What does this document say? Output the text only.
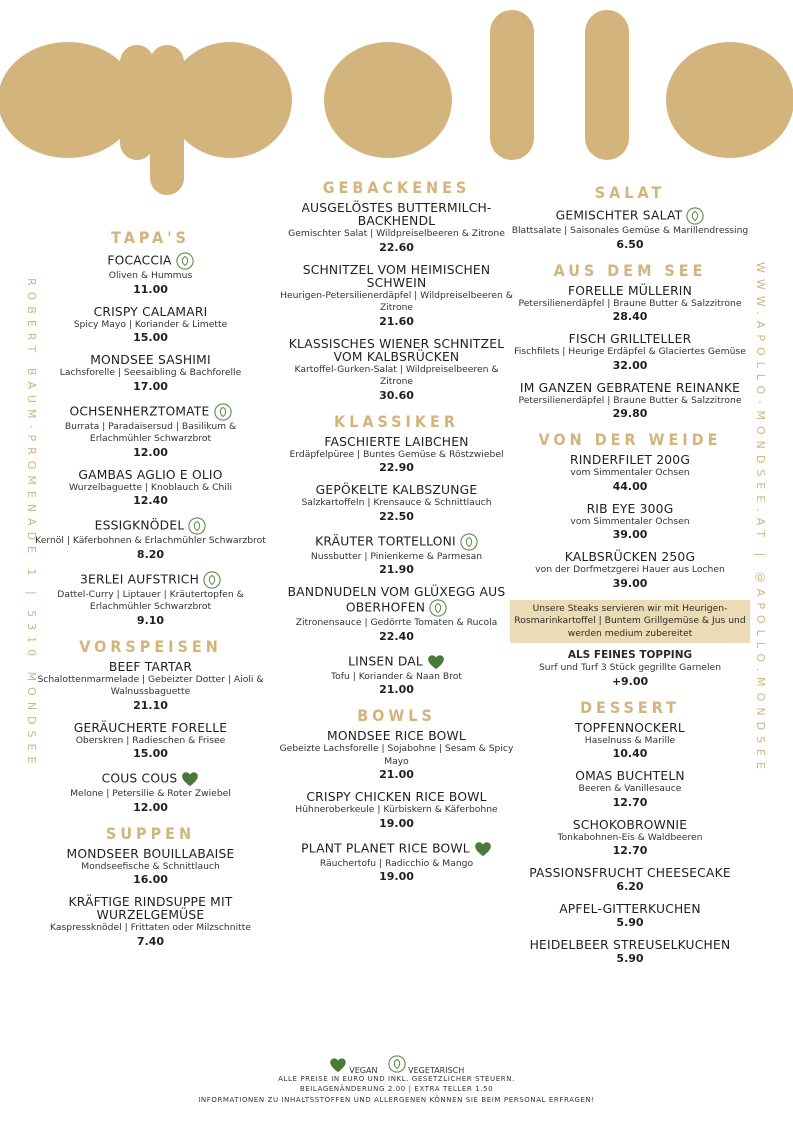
ROBERT BAUM-PROMENADE 1 | 5310 MONDSEE	WWW.APOLLO-MONDSEE.AT | @APOLLO.MONDSEE
TAPA'S
FOCACCIA
Oliven & Hummus
11.00
CRISPY CALAMARI
Spicy Mayo | Koriander & Limette
15.00
MONDSEE SASHIMI
Lachsforelle | Seesaibling & Bachforelle
17.00
OCHSENHERZTOMATE
Burrata | Paradaisersud | Basilikum & Erlachmühler Schwarzbrot
12.00
GAMBAS AGLIO E OLIO
Wurzelbaguette | Knoblauch & Chili
12.40
ESSIGKNÖDEL
Kernöl | Käferbohnen & Erlachmühler Schwarzbrot
8.20
3ERLEI AUFSTRICH
Dattel-Curry | Liptauer | Kräutertopfen & Erlachmühler Schwarzbrot
9.10
VORSPEISEN
BEEF TARTAR
Schalottenmarmelade | Gebeizter Dotter | Aioli & Walnussbaguette
21.10
GERÄUCHERTE FORELLE
Oberskren | Radieschen & Frisee
15.00
COUS COUS
Melone | Petersilie & Roter Zwiebel
12.00
SUPPEN
MONDSEER BOUILLABAISE
Mondseefische & Schnittlauch
16.00
KRÄFTIGE RINDSUPPE MIT WURZELGEMÜSE
Kaspressknödel | Frittaten oder Milzschnitte
7.40
GEBACKENES
AUSGELÖSTES BUTTERMILCH-BACKHENDL
Gemischter Salat | Wildpreiselbeeren & Zitrone
22.60
SCHNITZEL VOM HEIMISCHEN SCHWEIN
Heurigen-Petersilienerdäpfel | Wildpreiselbeeren & Zitrone
21.60
KLASSISCHES WIENER SCHNITZEL VOM KALBSRÜCKEN
Kartoffel-Gurken-Salat | Wildpreiselbeeren & Zitrone
30.60
KLASSIKER
FASCHIERTE LAIBCHEN
Erdäpfelpüree | Buntes Gemüse & Röstzwiebel
22.90
GEPÖKELTE KALBSZUNGE
Salzkartoffeln | Krensauce & Schnittlauch
22.50
KRÄUTER TORTELLONI
Nussbutter | Pinienkerne & Parmesan
21.90
BANDNUDELN VOM GLÜXEGG AUS OBERHOFEN
Zitronensauce | Gedörrte Tomaten & Rucola
22.40
LINSEN DAL
Tofu | Koriander & Naan Brot
21.00
BOWLS
MONDSEE RICE BOWL
Gebeizte Lachsforelle | Sojabohne | Sesam & Spicy Mayo
21.00
CRISPY CHICKEN RICE BOWL
Hühneroberkeule | Kürbiskern & Käferbohne
19.00
PLANT PLANET RICE BOWL
Räuchertofu | Radicchio & Mango
19.00
SALAT
GEMISCHTER SALAT
Blattsalate | Saisonales Gemüse & Marillendressing
6.50
AUS DEM SEE
FORELLE MÜLLERIN
Petersilienerdäpfel | Braune Butter & Salzzitrone
28.40
FISCH GRILLTELLER
Fischfilets | Heurige Erdäpfel & Glaciertes Gemüse
32.00
IM GANZEN GEBRATENE REINANKE
Petersilienerdäpfel | Braune Butter & Salzzitrone
29.80
VON DER WEIDE
RINDERFILET 200G
vom Simmentaler Ochsen
44.00
RIB EYE 300G
vom Simmentaler Ochsen
39.00
KALBSRÜCKEN 250G
von der Dorfmetzgerei Hauer aus Lochen
39.00
Unsere Steaks servieren wir mit Heurigen-Rosmarinkartoffel | Buntem Grillgemüse & Jus und werden medium zubereitet
ALS FEINES TOPPING
Surf und Turf 3 Stück gegrillte Garnelen
+9.00
DESSERT
TOPFENNOCKERL
Haselnuss & Marille
10.40
OMAS BUCHTELN
Beeren & Vanillesauce
12.70
SCHOKOBROWNIE
Tonkabohnen-Eis & Waldbeeren
12.70
PASSIONSFRUCHT CHEESECAKE
6.20
APFEL-GITTERKUCHEN
5.90
HEIDELBEER STREUSELKUCHEN
5.90
VEGAN	VEGETARISCH
ALLE PREISE IN EURO UND INKL. GESETZLICHER STEUERN.
BEILAGENÄNDERUNG 2.00 | EXTRA TELLER 1.50
INFORMATIONEN ZU INHALTSSTOFFEN UND ALLERGENEN KÖNNEN SIE BEIM PERSONAL ERFRAGEN!
